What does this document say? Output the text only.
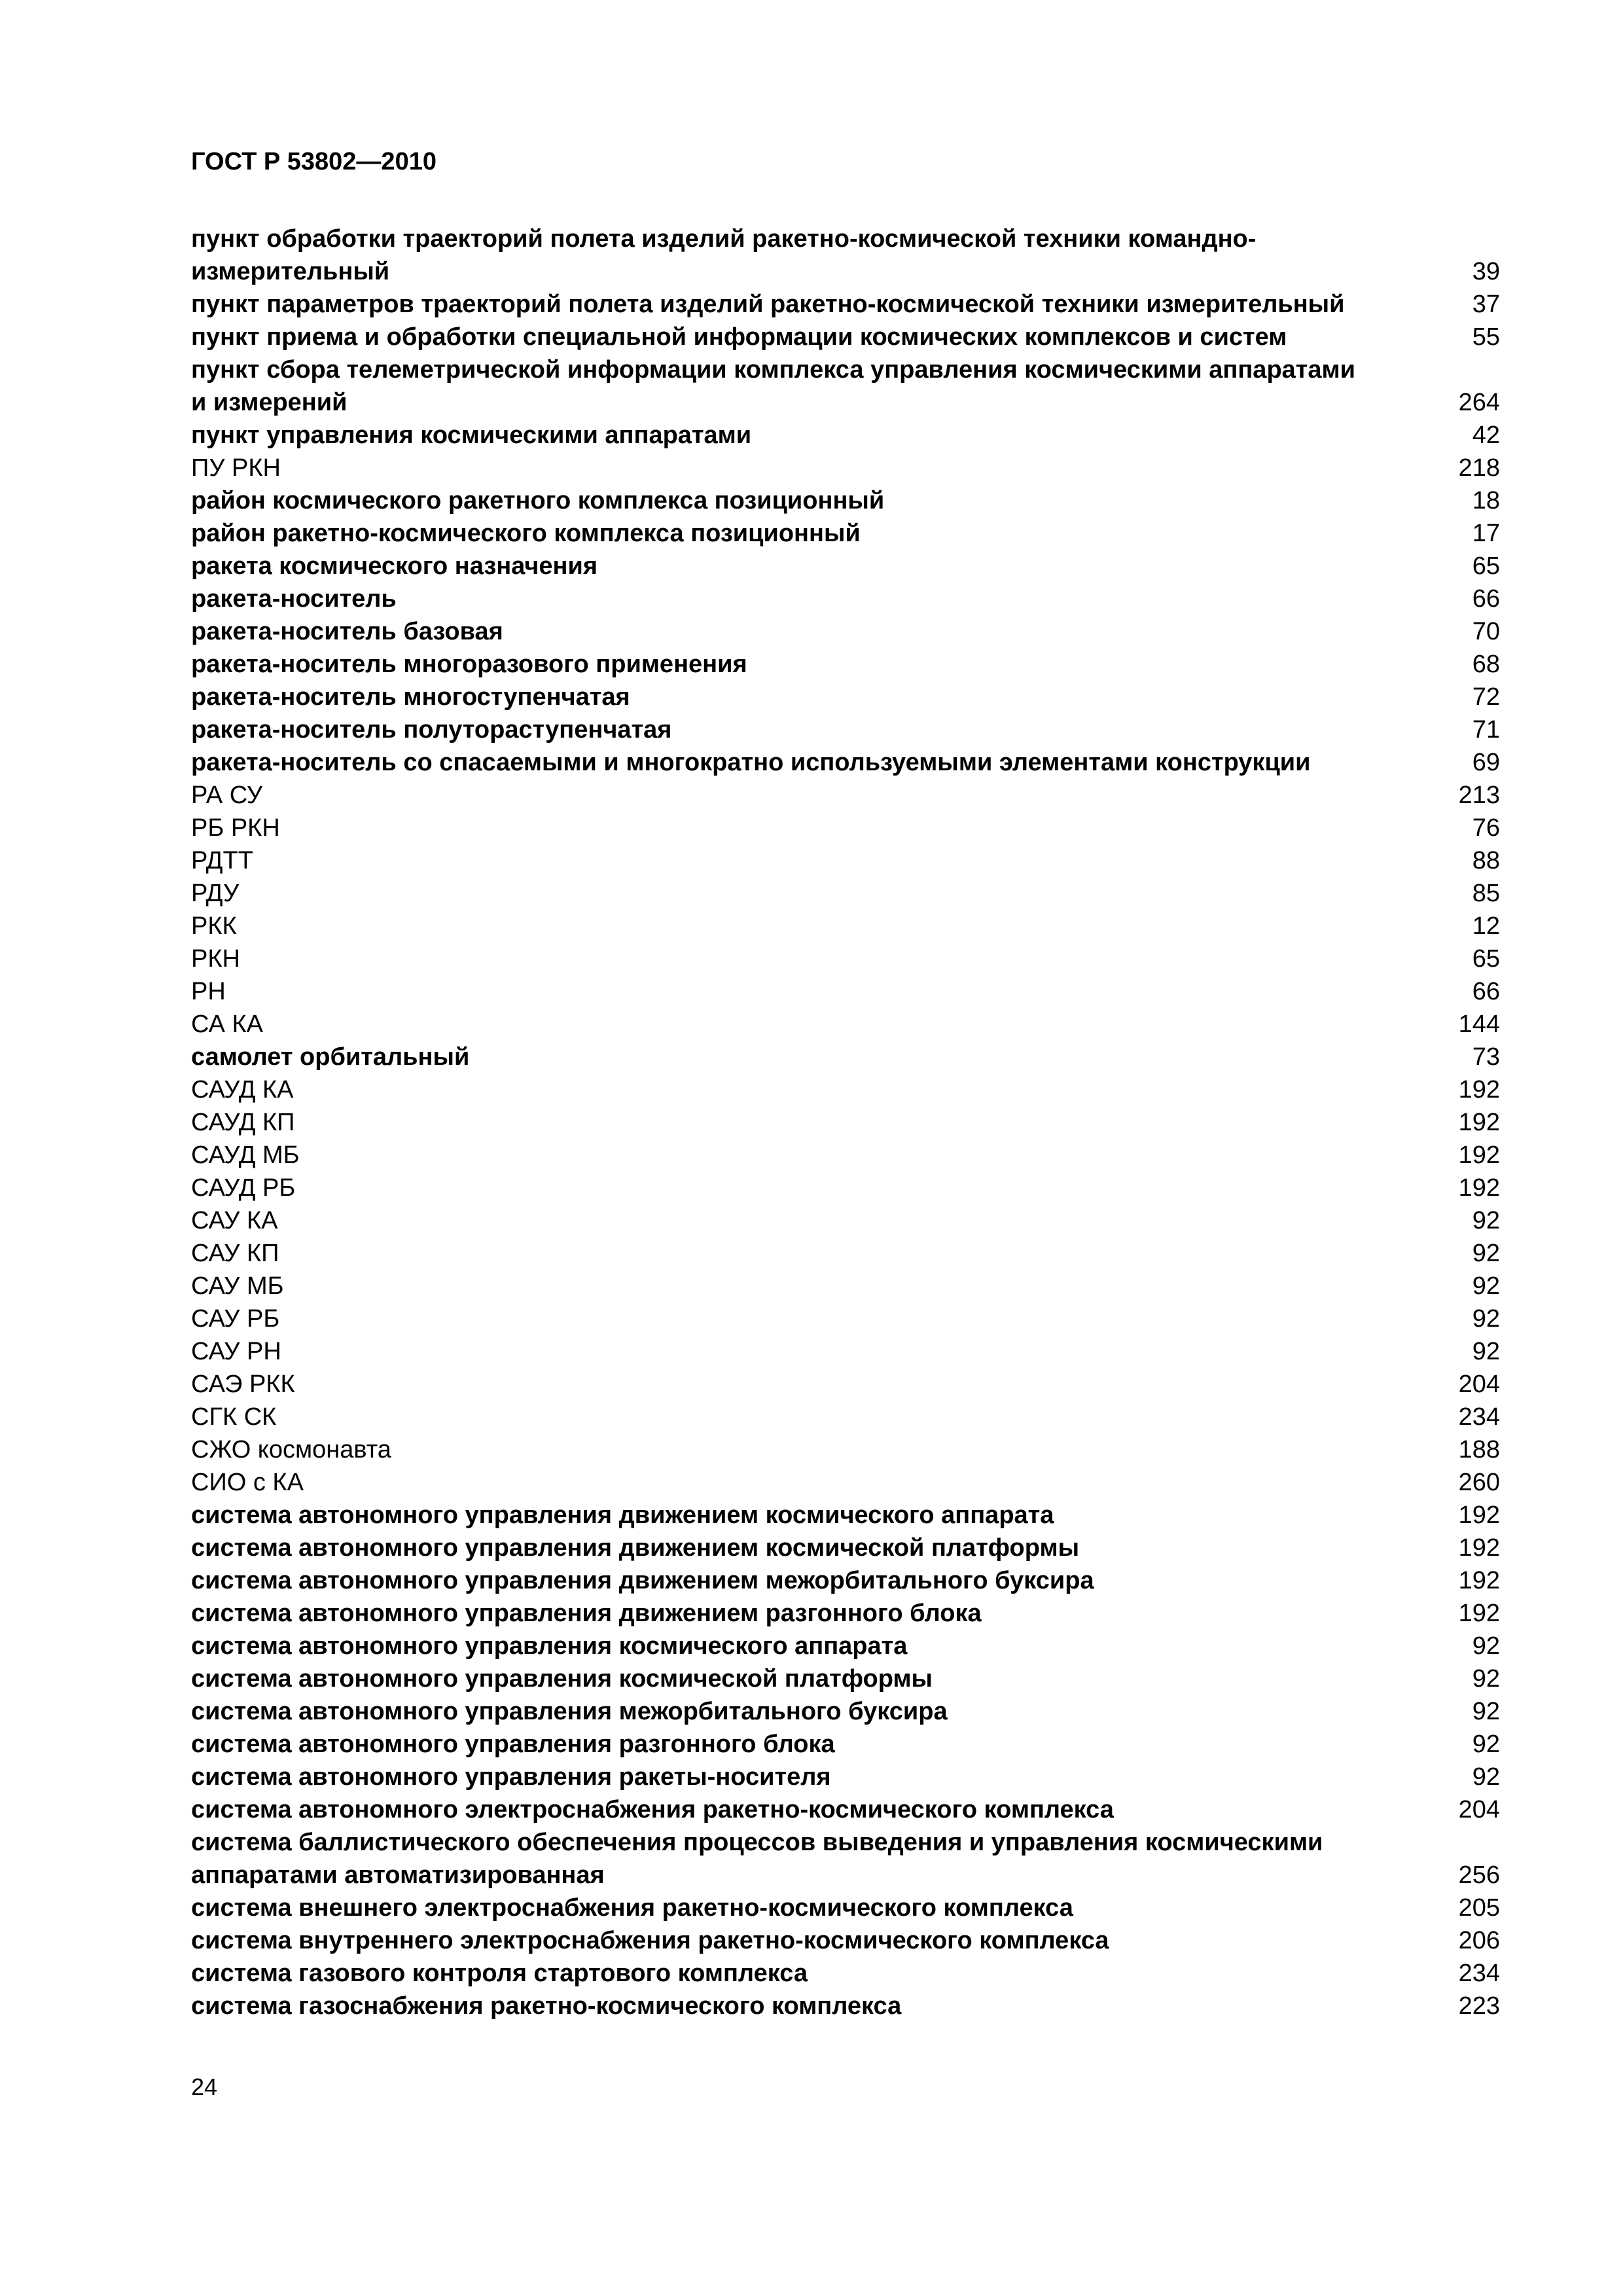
ГОСТ Р 53802—2010
пункт обработки траекторий полета изделий ракетно-космической техники командно-измерительный	39
пункт параметров траекторий полета изделий ракетно-космической техники измерительный	37
пункт приема и обработки специальной информации космических комплексов и систем	55
пункт сбора телеметрической информации комплекса управления космическими аппаратами и измерений	264
пункт управления космическими аппаратами	42
ПУ РКН	218
район космического ракетного комплекса позиционный	18
район ракетно-космического комплекса позиционный	17
ракета космического назначения	65
ракета-носитель	66
ракета-носитель базовая	70
ракета-носитель многоразового применения	68
ракета-носитель многоступенчатая	72
ракета-носитель полутораступенчатая	71
ракета-носитель со спасаемыми и многократно используемыми элементами конструкции	69
РА СУ	213
РБ РКН	76
РДТТ	88
РДУ	85
РКК	12
РКН	65
РН	66
СА КА	144
самолет орбитальный	73
САУД КА	192
САУД КП	192
САУД МБ	192
САУД РБ	192
САУ КА	92
САУ КП	92
САУ МБ	92
САУ РБ	92
САУ РН	92
САЭ РКК	204
СГК СК	234
СЖО космонавта	188
СИО с КА	260
система автономного управления движением космического аппарата	192
система автономного управления движением космической платформы	192
система автономного управления движением межорбитального буксира	192
система автономного управления движением разгонного блока	192
система автономного управления космического аппарата	92
система автономного управления космической платформы	92
система автономного управления межорбитального буксира	92
система автономного управления разгонного блока	92
система автономного управления ракеты-носителя	92
система автономного электроснабжения ракетно-космического комплекса	204
система баллистического обеспечения процессов выведения и управления космическими аппаратами автоматизированная	256
система внешнего электроснабжения ракетно-космического комплекса	205
система внутреннего электроснабжения ракетно-космического комплекса	206
система газового контроля стартового комплекса	234
система газоснабжения ракетно-космического комплекса	223
24
